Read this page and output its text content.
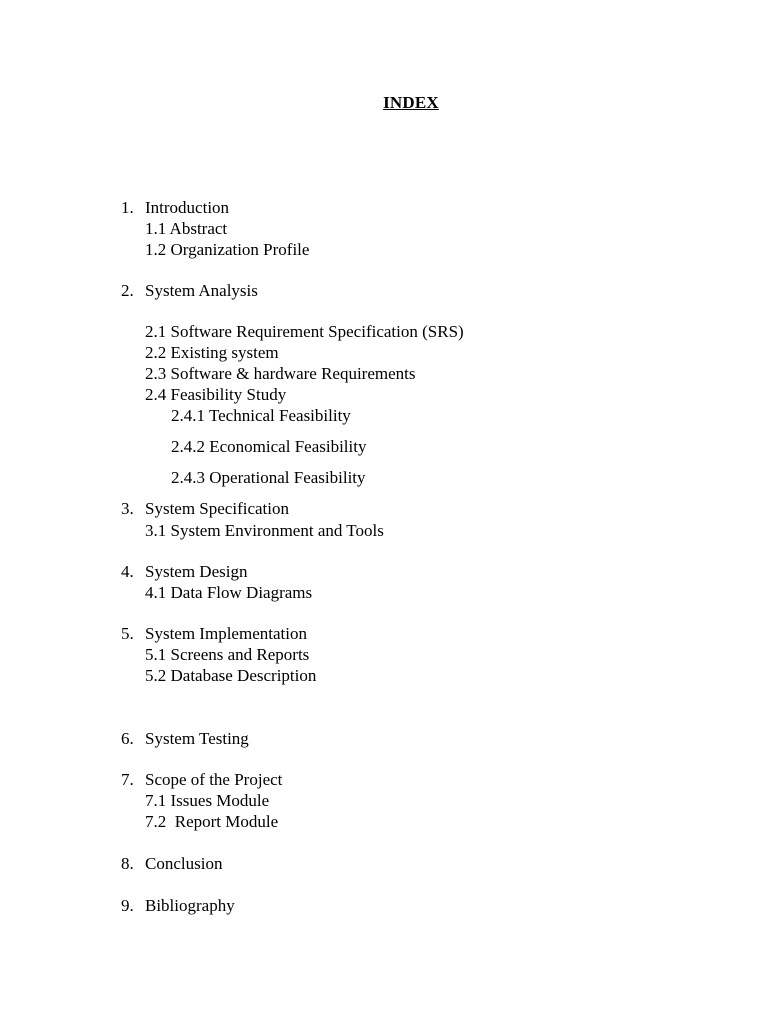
INDEX
1. Introduction
1.1 Abstract
1.2 Organization Profile
2. System Analysis
2.1 Software Requirement Specification (SRS)
2.2 Existing system
2.3 Software & hardware Requirements
2.4 Feasibility Study
2.4.1 Technical Feasibility
2.4.2 Economical Feasibility
2.4.3 Operational Feasibility
3. System Specification
3.1 System Environment and Tools
4. System Design
4.1 Data Flow Diagrams
5. System Implementation
5.1 Screens and Reports
5.2 Database Description
6. System Testing
7. Scope of the Project
7.1 Issues Module
7.2  Report Module
8. Conclusion
9. Bibliography
